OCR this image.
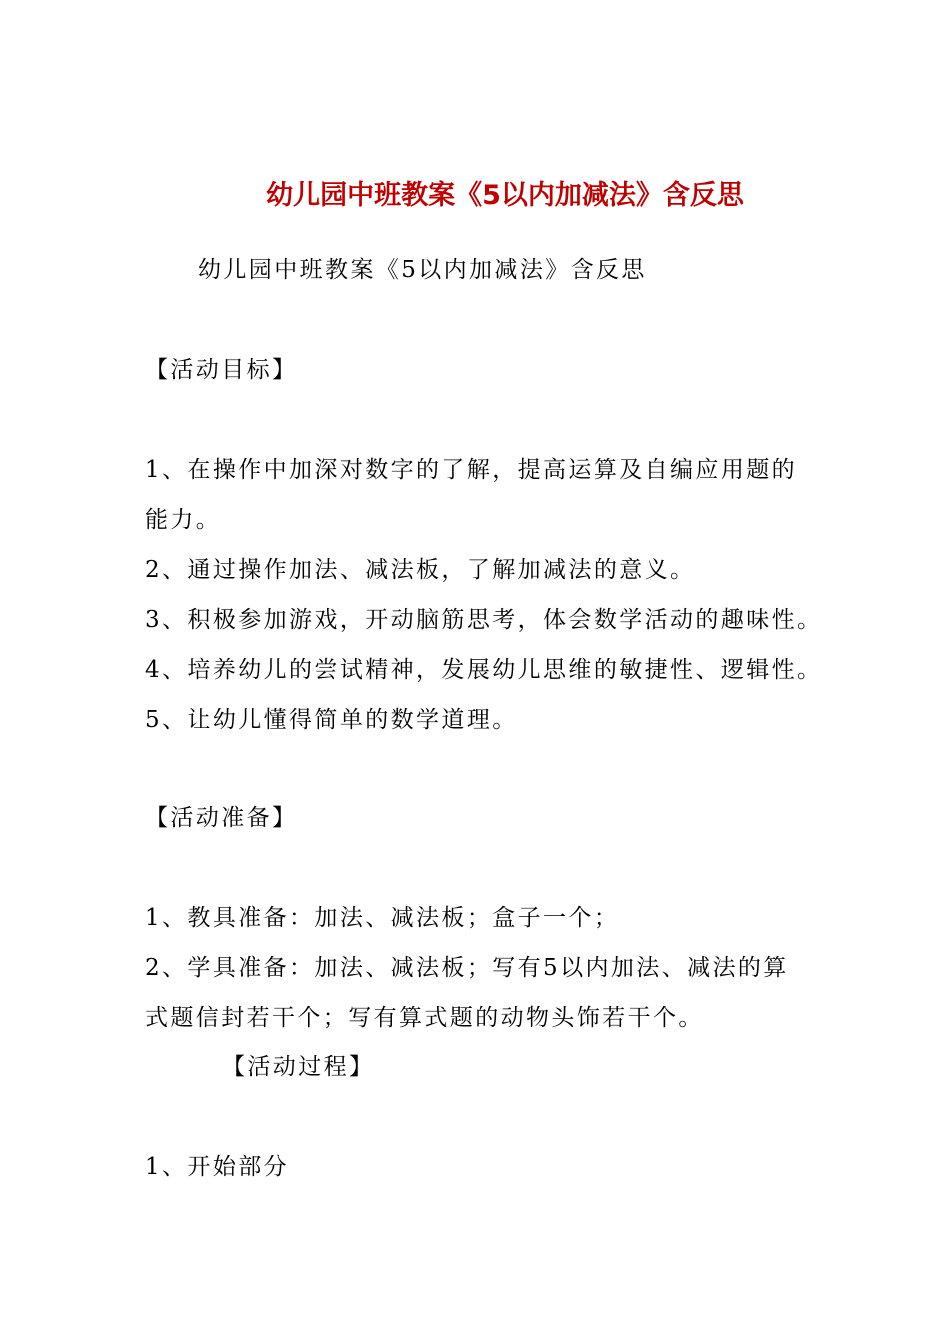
幼儿园中班教案《5以内加减法》含反思
幼儿园中班教案《5以内加减法》含反思
【活动目标】
1、在操作中加深对数字的了解，提高运算及自编应用题的
能力。
2、通过操作加法、减法板，了解加减法的意义。
3、积极参加游戏，开动脑筋思考，体会数学活动的趣味性。
4、培养幼儿的尝试精神，发展幼儿思维的敏捷性、逻辑性。
5、让幼儿懂得简单的数学道理。
【活动准备】
1、教具准备：加法、减法板；盒子一个；
2、学具准备：加法、减法板；写有5以内加法、减法的算
式题信封若干个；写有算式题的动物头饰若干个。
【活动过程】
1、开始部分
